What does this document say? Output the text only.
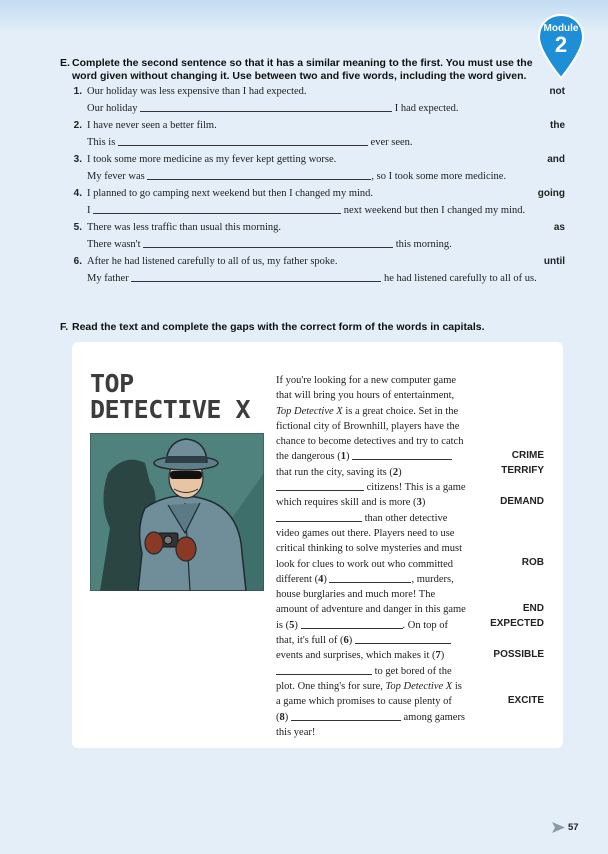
Module
2
E. Complete the second sentence so that it has a similar meaning to the first. You must use the word given without changing it. Use between two and five words, including the word given.
1. Our holiday was less expensive than I had expected.	not
Our holiday	I had expected.
2. I have never seen a better film.	the
This is	ever seen.
3. I took some more medicine as my fever kept getting worse.	and
My fever was	, so I took some more medicine.
4. I planned to go camping next weekend but then I changed my mind.	going
I	next weekend but then I changed my mind.
5. There was less traffic than usual this morning.	as
There wasn't	this morning.
6. After he had listened carefully to all of us, my father spoke.	until
My father	he had listened carefully to all of us.
F. Read the text and complete the gaps with the correct form of the words in capitals.
TOP
DETECTIVE X

If you're looking for a new computer game that will bring you hours of entertainment, Top Detective X is a great choice. Set in the fictional city of Brownhill, players have the chance to become detectives and try to catch the dangerous (1)  that run the city, saving its (2)  citizens! This is a game which requires skill and is more (3)  than other detective video games out there. Players need to use critical thinking to solve mysteries and must look for clues to work out who committed different (4)	, murders, house burglaries and much more! The amount of adventure and danger in this game is (5)	. On top of that, it's full of (6)  events and surprises, which makes it (7)  to get bored of the plot. One thing's for sure, Top Detective X is a game which promises to cause plenty of (8)	among gamers this year!

CRIME
TERRIFY
DEMAND
ROB
END
EXPECTED
POSSIBLE
EXCITE
57
